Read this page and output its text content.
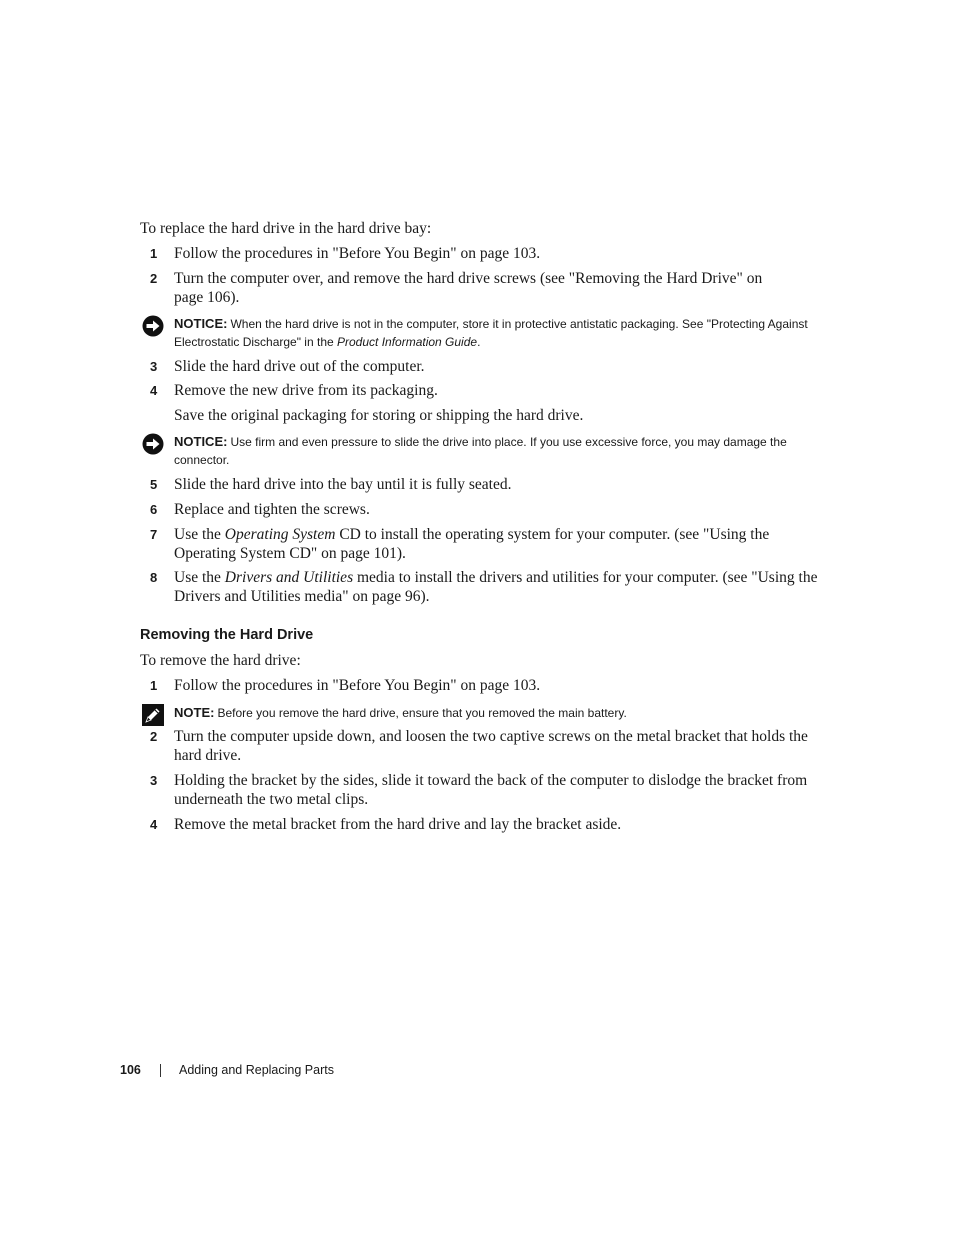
To replace the hard drive in the hard drive bay:
1	Follow the procedures in "Before You Begin" on page 103.
2	Turn the computer over, and remove the hard drive screws (see "Removing the Hard Drive" on page 106).
NOTICE: When the hard drive is not in the computer, store it in protective antistatic packaging. See "Protecting Against Electrostatic Discharge" in the Product Information Guide.
3	Slide the hard drive out of the computer.
4	Remove the new drive from its packaging.
Save the original packaging for storing or shipping the hard drive.
NOTICE: Use firm and even pressure to slide the drive into place. If you use excessive force, you may damage the connector.
5	Slide the hard drive into the bay until it is fully seated.
6	Replace and tighten the screws.
7	Use the Operating System CD to install the operating system for your computer. (see "Using the Operating System CD" on page 101).
8	Use the Drivers and Utilities media to install the drivers and utilities for your computer. (see "Using the Drivers and Utilities media" on page 96).
Removing the Hard Drive
To remove the hard drive:
1	Follow the procedures in "Before You Begin" on page 103.
NOTE: Before you remove the hard drive, ensure that you removed the main battery.
2	Turn the computer upside down, and loosen the two captive screws on the metal bracket that holds the hard drive.
3	Holding the bracket by the sides, slide it toward the back of the computer to dislodge the bracket from underneath the two metal clips.
4	Remove the metal bracket from the hard drive and lay the bracket aside.
106	Adding and Replacing Parts
